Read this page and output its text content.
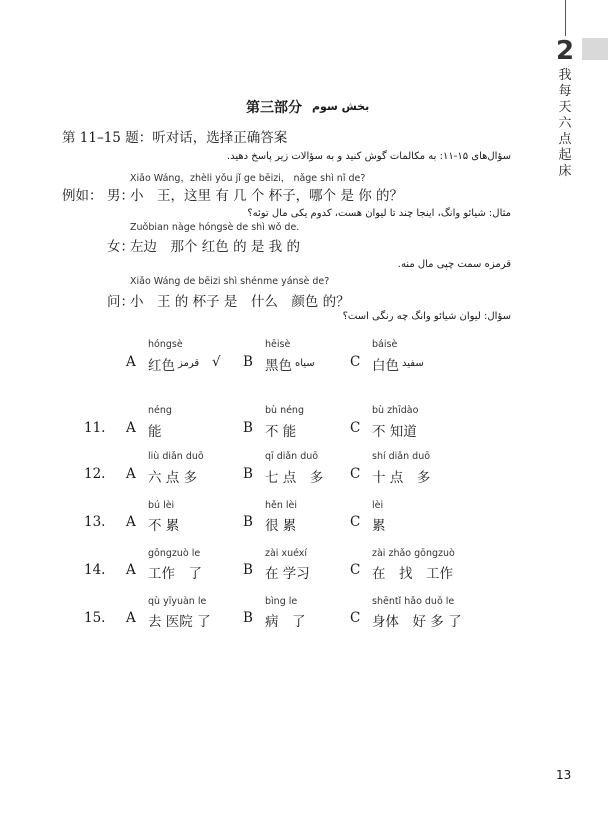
2
我每天六点起床
第三部分 بخش سوم
第 11–15 题：听对话，选择正确答案
سؤال‌های ۱۵-۱۱: به مکالمات گوش کنید و به سؤالات زیر پاسخ دهید.
Xiǎo Wáng，zhèli yǒu jǐ ge bēizi， nǎge shì nǐ de?
例如： 男：
小　王，这里 有 几 个 杯子，哪个 是 你 的？
مثال: شیائو وانگ، اینجا چند تا لیوان هست، کدوم یکی مال توئه؟
Zuǒbian nàge hóngsè de shì wǒ de.
女：
左边　那个 红色 的 是 我 的
قرمزه سمت چپی مال منه.
Xiǎo Wáng de bēizi shì shénme yánsè de?
问：
小　王 的 杯子 是　什么　颜色 的？
سؤال: لیوان شیائو وانگ چه رنگی است؟
hóngsè
A 红色 قرمز √
hēisè
B 黑色 سیاه
báisè
C 白色 سفید
néng	bù néng	bù zhīdào
11. A 能	B 不 能	C 不 知道
liù diǎn duō	qī diǎn duō	shí diǎn duō
12. A 六 点 多	B 七 点　多 C 十 点　多
bú lèi	hěn lèi	lèi
13. A 不 累	B 很 累	C 累
gōngzuò le	zài xuéxí	zài zhǎo gōngzuò
14. A 工作　了	B 在 学习	C 在　找　工作
qù yīyuàn le	bìng le	shēntǐ hǎo duō le
15. A 去 医院 了 B 病　了	C 身体　好 多 了
13
